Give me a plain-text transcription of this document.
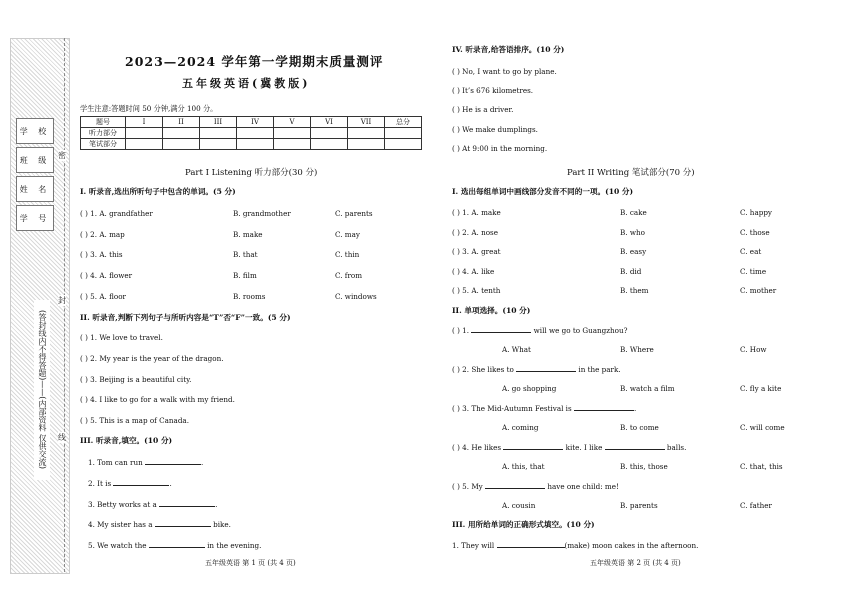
学 校
班 级
姓 名
学 号
(答封线内不得答题)——(内部资料 仅供交流)
密
封
线
2023—2024 学年第一学期期末质量测评
五年级英语(冀教版)
学生注意:答题时间 50 分钟,满分 100 分。
题号	I	II	III	IV	V	VI	VII	总分
听力部分								
笔试部分								
Part I Listening 听力部分(30 分)
I. 听录音,选出所听句子中包含的单词。(5 分)
( ) 1. A. grandfather	B. grandmother	C. parents
( ) 2. A. map	B. make	C. may
( ) 3. A. this	B. that	C. thin
( ) 4. A. flower	B. film	C. from
( ) 5. A. floor	B. rooms	C. windows
II. 听录音,判断下列句子与所听内容是“T”否“F”一致。(5 分)
( ) 1. We love to travel.
( ) 2. My year is the year of the dragon.
( ) 3. Beijing is a beautiful city.
( ) 4. I like to go for a walk with my friend.
( ) 5. This is a map of Canada.
III. 听录音,填空。(10 分)
1. Tom can run	.
2. It is	.
3. Betty works at a	.
4. My sister has a	bike.
5. We watch the	in the evening.
五年级英语 第 1 页 (共 4 页)
IV. 听录音,给答语排序。(10 分)
( ) No, I want to go by plane.
( ) It’s 676 kilometres.
( ) He is a driver.
( ) We make dumplings.
( ) At 9:00 in the morning.
Part II Writing 笔试部分(70 分)
I. 选出每组单词中画线部分发音不同的一项。(10 分)
( ) 1. A. make	B. cake	C. happy
( ) 2. A. nose	B. who	C. those
( ) 3. A. great	B. easy	C. eat
( ) 4. A. like	B. did	C. time
( ) 5. A. tenth	B. them	C. mother
II. 单项选择。(10 分)
( ) 1.	will we go to Guangzhou?
A. What	B. Where	C. How
( ) 2. She likes to	in the park.
A. go shopping	B. watch a film	C. fly a kite
( ) 3. The Mid-Autumn Festival is	.
A. coming	B. to come	C. will come
( ) 4. He likes	kite. I like	balls.
A. this, that	B. this, those	C. that, this
( ) 5. My	have one child: me!
A. cousin	B. parents	C. father
III. 用所给单词的正确形式填空。(10 分)
1. They will	(make) moon cakes in the afternoon.
五年级英语 第 2 页 (共 4 页)
